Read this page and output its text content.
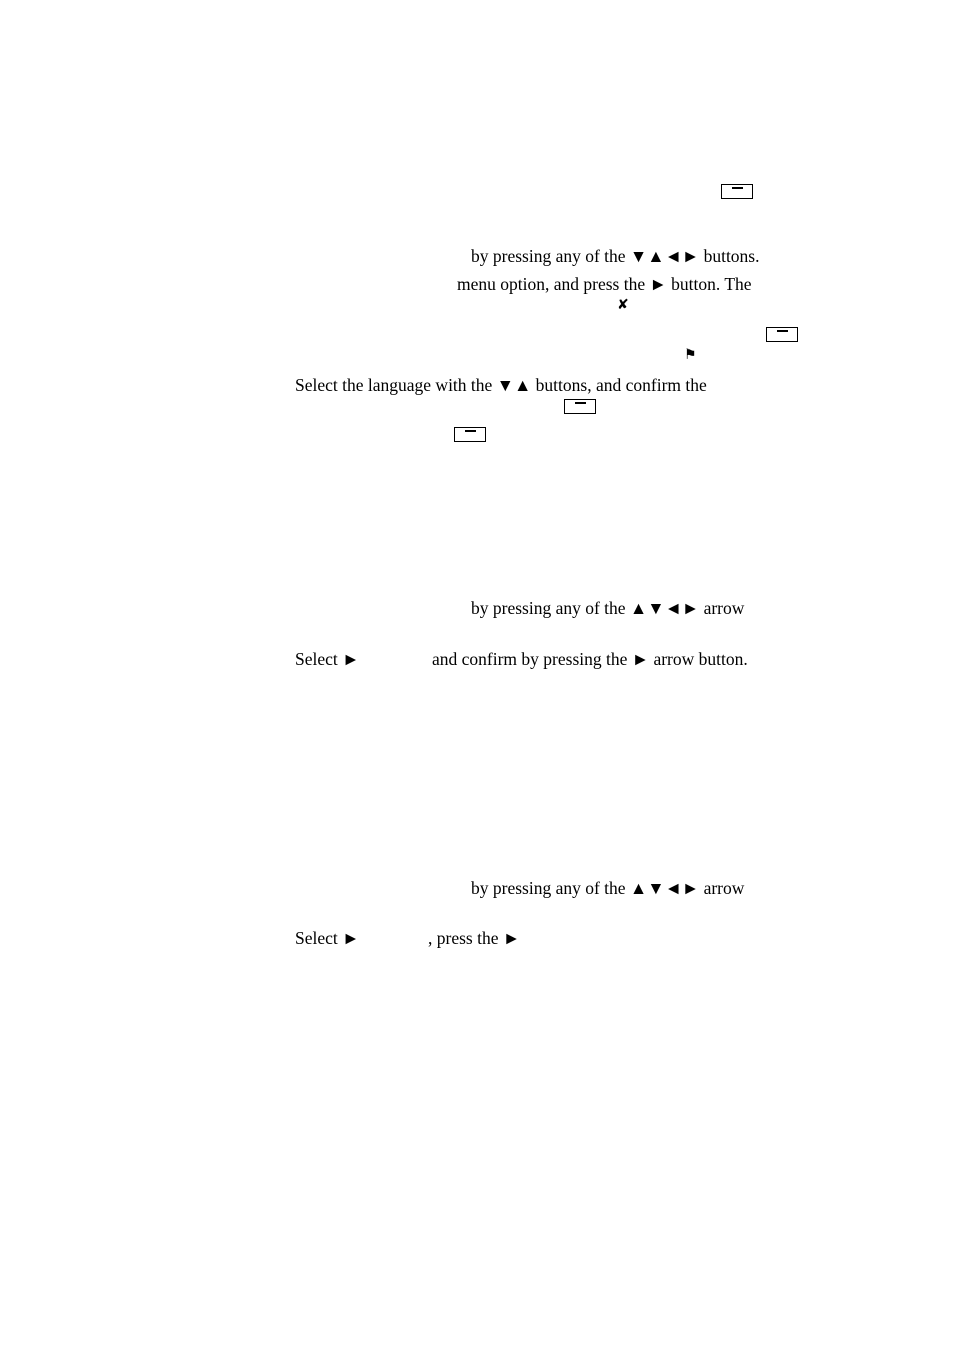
by pressing any of the ▼▲◄► buttons.
menu option, and press the ► button. The
✘
⚑
Select the language with the ▼▲ buttons, and confirm the
by pressing any of the ▲▼◄► arrow
Select ►	and confirm by pressing the ► arrow button.
by pressing any of the ▲▼◄► arrow
Select ►	, press the ►
